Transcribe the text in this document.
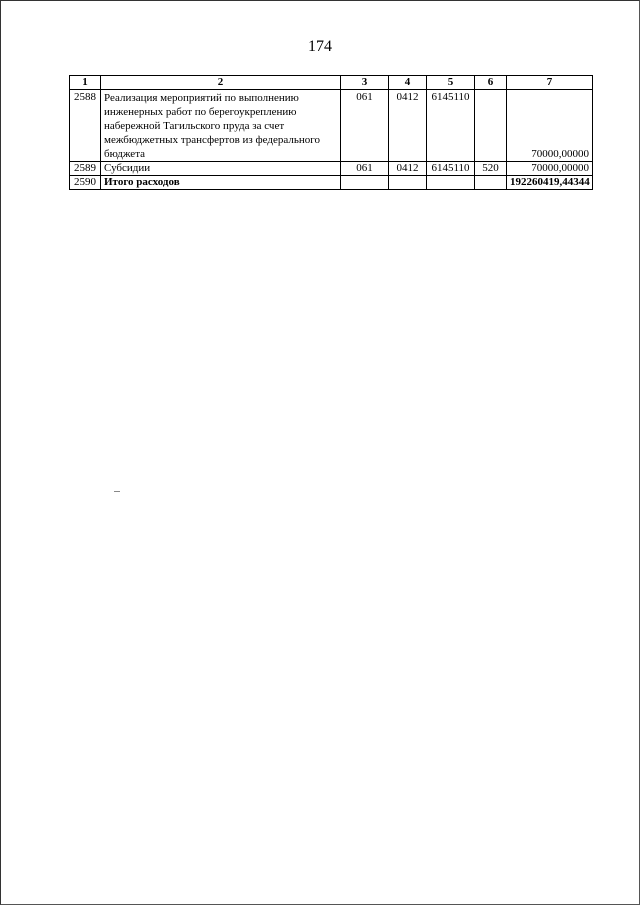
174
1	2	3	4	5	6	7
2588	Реализация мероприятий по выполнению инженерных работ по берегоукреплению набережной Тагильского пруда за счет межбюджетных трансфертов из федерального бюджета	061	0412	6145110		70000,00000
2589	Субсидии	061	0412	6145110	520	70000,00000
2590	Итого расходов					192260419,44344
